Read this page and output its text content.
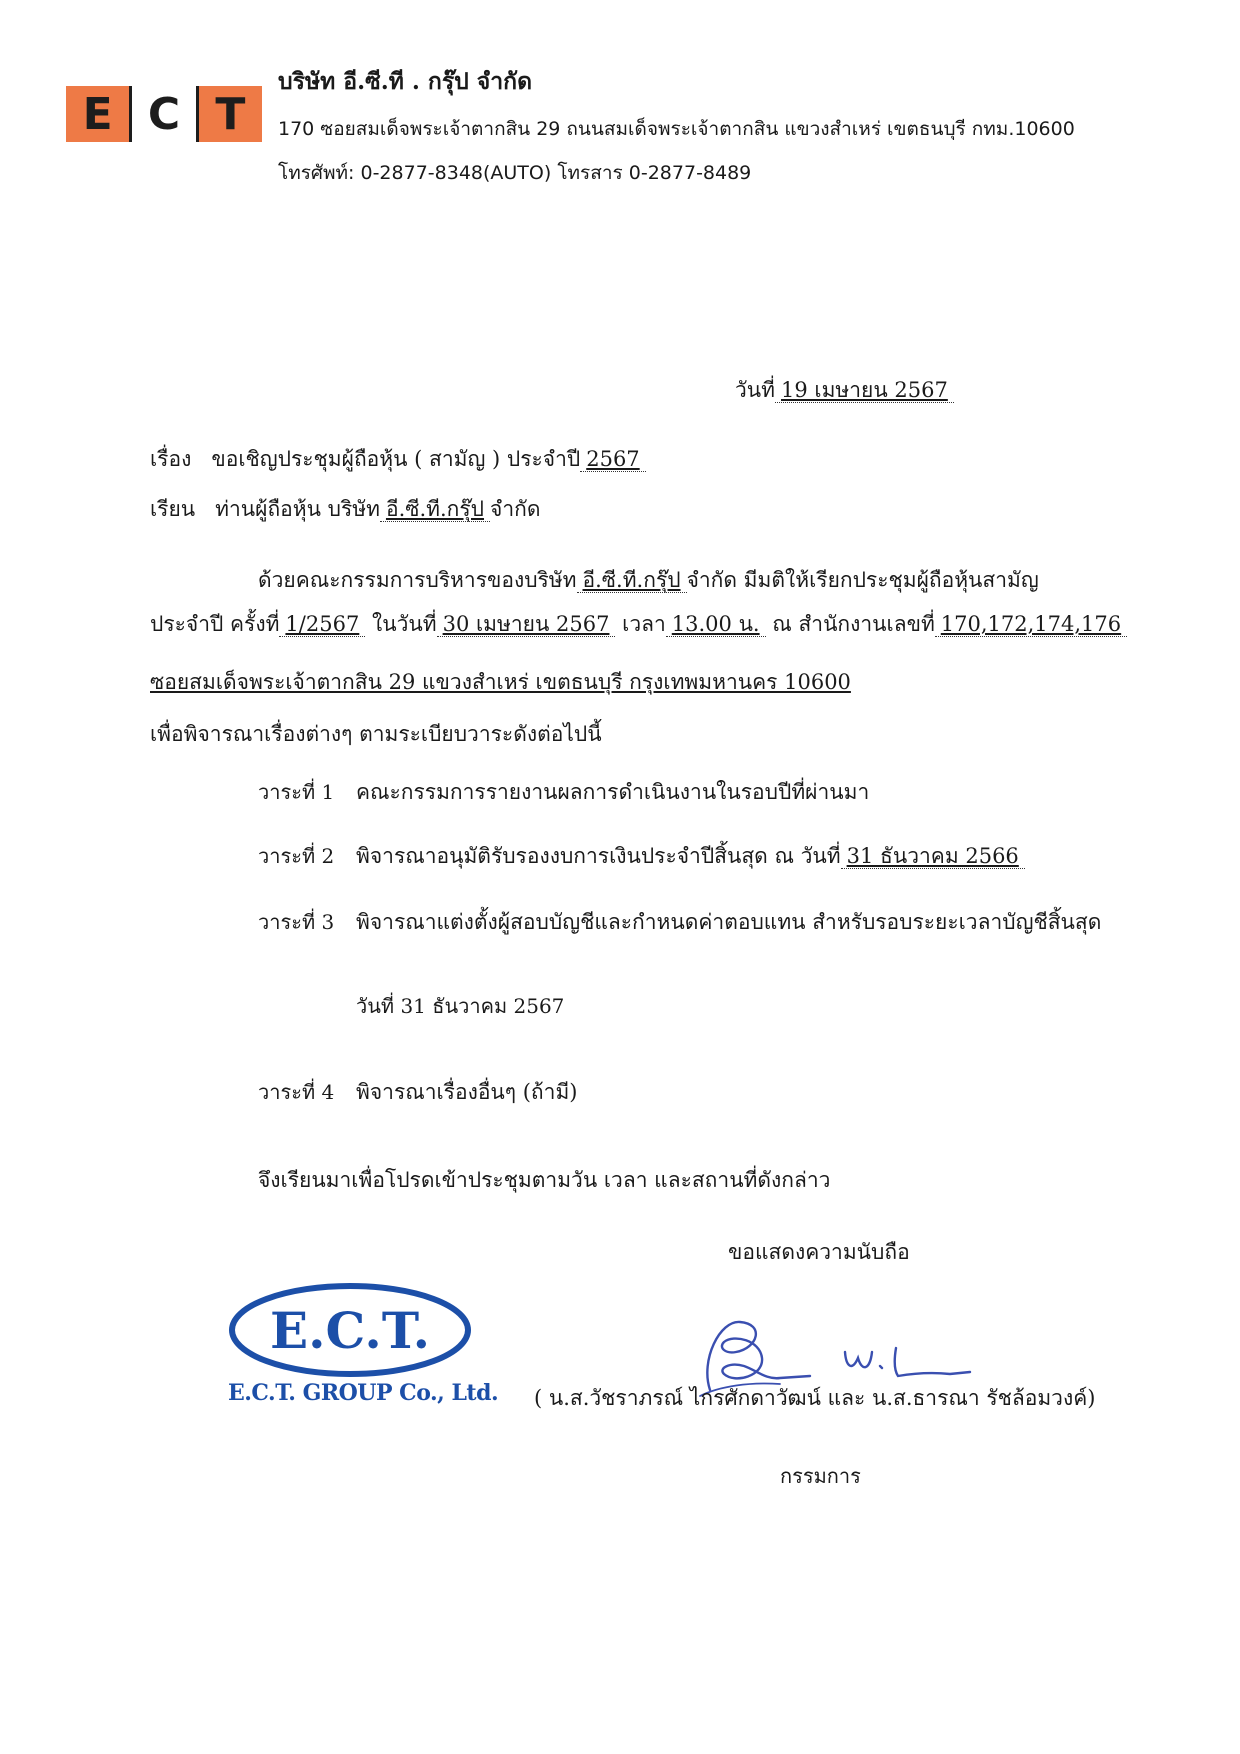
E C T
บริษัท อี.ซี.ที . กรุ๊ป จำกัด
170 ซอยสมเด็จพระเจ้าตากสิน 29 ถนนสมเด็จพระเจ้าตากสิน แขวงสำเหร่ เขตธนบุรี กทม.10600
โทรศัพท์: 0-2877-8348(AUTO) โทรสาร 0-2877-8489
วันที่ 19 เมษายน 2567
เรื่อง ขอเชิญประชุมผู้ถือหุ้น ( สามัญ ) ประจำปี 2567
เรียน ท่านผู้ถือหุ้น บริษัท อี.ซี.ที.กรุ๊ป จำกัด
ด้วยคณะกรรมการบริหารของบริษัท อี.ซี.ที.กรุ๊ป จำกัด มีมติให้เรียกประชุมผู้ถือหุ้นสามัญ
ประจำปี ครั้งที่ 1/2567 ในวันที่ 30 เมษายน 2567 เวลา 13.00 น. ณ สำนักงานเลขที่ 170,172,174,176
ซอยสมเด็จพระเจ้าตากสิน 29 แขวงสำเหร่ เขตธนบุรี กรุงเทพมหานคร 10600
เพื่อพิจารณาเรื่องต่างๆ ตามระเบียบวาระดังต่อไปนี้
วาระที่ 1 คณะกรรมการรายงานผลการดำเนินงานในรอบปีที่ผ่านมา
วาระที่ 2 พิจารณาอนุมัติรับรองงบการเงินประจำปีสิ้นสุด ณ วันที่ 31 ธันวาคม 2566
วาระที่ 3 พิจารณาแต่งตั้งผู้สอบบัญชีและกำหนดค่าตอบแทน สำหรับรอบระยะเวลาบัญชีสิ้นสุด
วันที่ 31 ธันวาคม 2567
วาระที่ 4 พิจารณาเรื่องอื่นๆ (ถ้ามี)
จึงเรียนมาเพื่อโปรดเข้าประชุมตามวัน เวลา และสถานที่ดังกล่าว
ขอแสดงความนับถือ
E.C.T.
E.C.T. GROUP Co., Ltd. ( น.ส.วัชราภรณ์ ไกรศักดาวัฒน์ และ น.ส.ธารณา รัชล้อมวงค์)
กรรมการ
